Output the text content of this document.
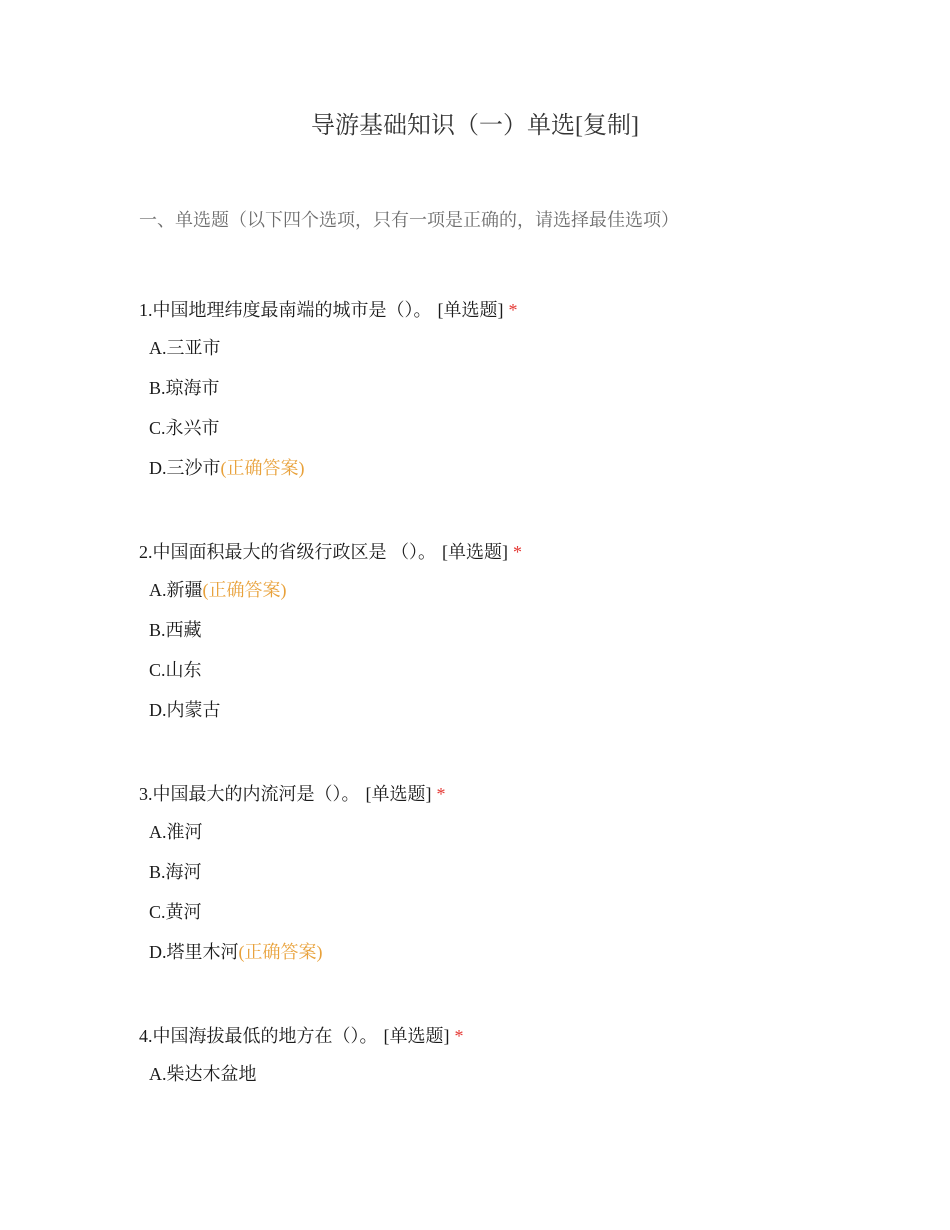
导游基础知识（一）单选[复制]
一、单选题（以下四个选项，只有一项是正确的，请选择最佳选项）

1.中国地理纬度最南端的城市是（）。 [单选题] *

A.三亚市
B.琼海市
C.永兴市
D.三沙市(正确答案)

2.中国面积最大的省级行政区是 （）。 [单选题] *

A.新疆(正确答案)
B.西藏
C.山东
D.内蒙古

3.中国最大的内流河是（）。 [单选题] *

A.淮河
B.海河
C.黄河
D.塔里木河(正确答案)

4.中国海拔最低的地方在（）。 [单选题] *

A.柴达木盆地
